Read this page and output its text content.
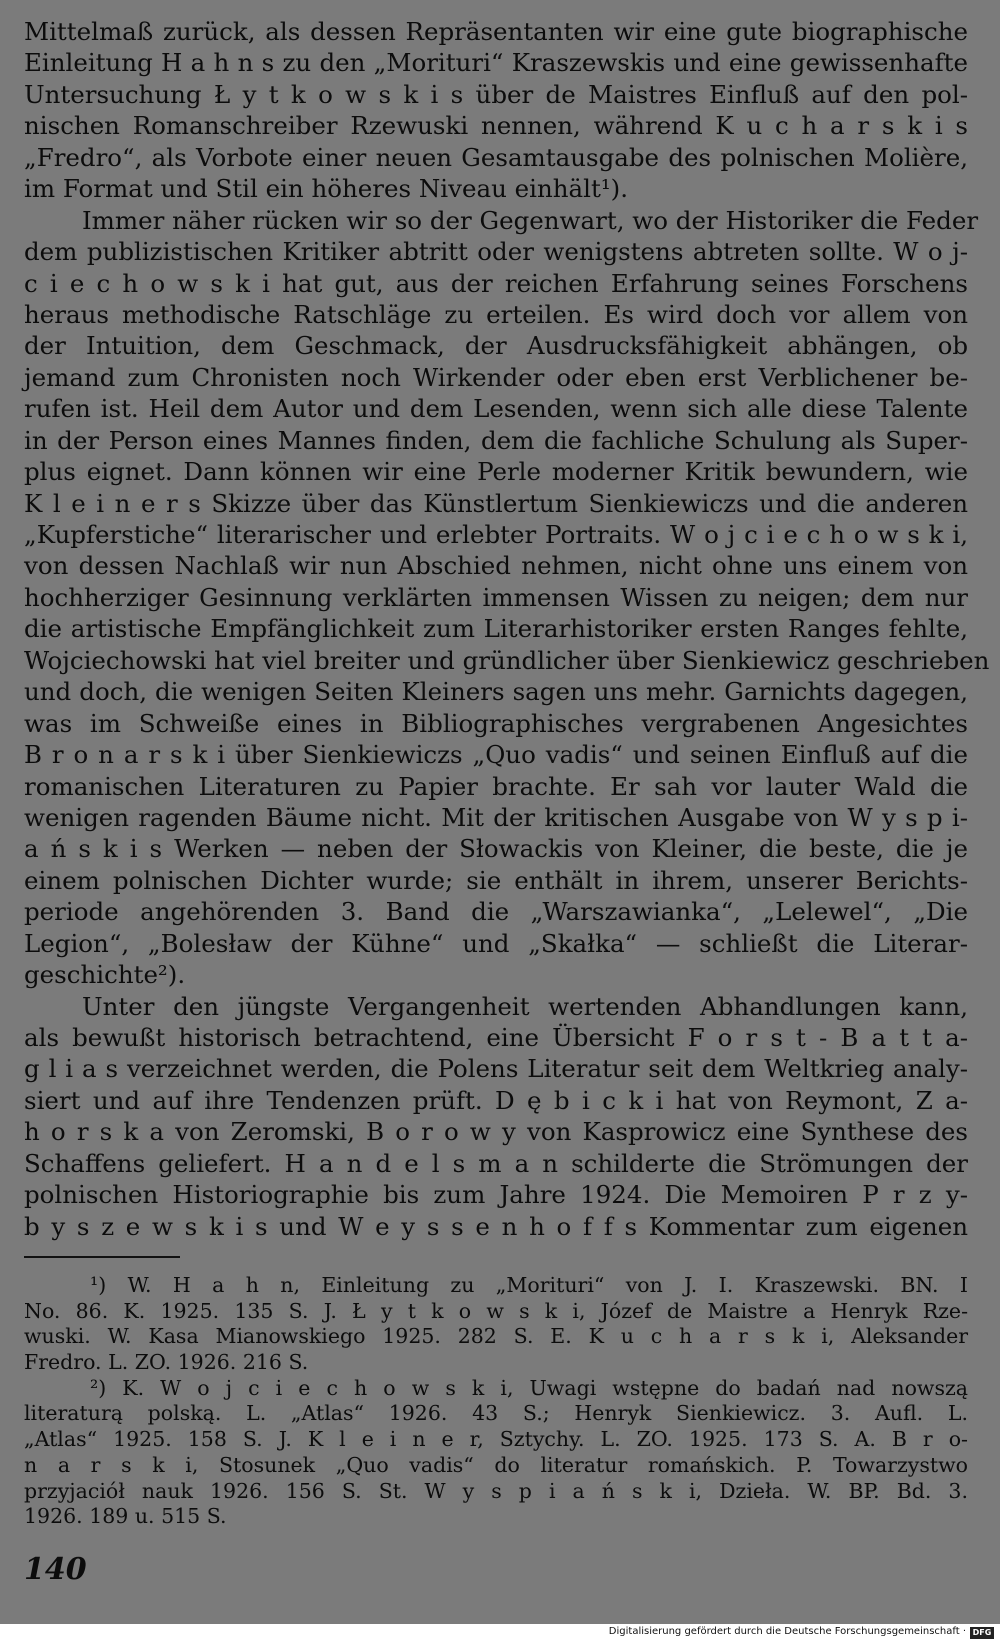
Mittelmaß zurück, als dessen Repräsentanten wir eine gute biographische
Einleitung H a h n s zu den „Morituri“ Kraszewskis und eine gewissenhafte
Untersuchung Ł y t k o w s k i s über de Maistres Einfluß auf den pol-
nischen Romanschreiber Rzewuski nennen, während K u c h a r s k i s
„Fredro“, als Vorbote einer neuen Gesamtausgabe des polnischen Molière,
im Format und Stil ein höheres Niveau einhält¹).
Immer näher rücken wir so der Gegenwart, wo der Historiker die Feder
dem publizistischen Kritiker abtritt oder wenigstens abtreten sollte. W o j-
c i e c h o w s k i hat gut, aus der reichen Erfahrung seines Forschens
heraus methodische Ratschläge zu erteilen. Es wird doch vor allem von
der Intuition, dem Geschmack, der Ausdrucksfähigkeit abhängen, ob
jemand zum Chronisten noch Wirkender oder eben erst Verblichener be-
rufen ist. Heil dem Autor und dem Lesenden, wenn sich alle diese Talente
in der Person eines Mannes finden, dem die fachliche Schulung als Super-
plus eignet. Dann können wir eine Perle moderner Kritik bewundern, wie
K l e i n e r s Skizze über das Künstlertum Sienkiewiczs und die anderen
„Kupferstiche“ literarischer und erlebter Portraits. W o j c i e c h o w s k i,
von dessen Nachlaß wir nun Abschied nehmen, nicht ohne uns einem von
hochherziger Gesinnung verklärten immensen Wissen zu neigen; dem nur
die artistische Empfänglichkeit zum Literarhistoriker ersten Ranges fehlte,
Wojciechowski hat viel breiter und gründlicher über Sienkiewicz geschrieben
und doch, die wenigen Seiten Kleiners sagen uns mehr. Garnichts dagegen,
was im Schweiße eines in Bibliographisches vergrabenen Angesichtes
B r o n a r s k i über Sienkiewiczs „Quo vadis“ und seinen Einfluß auf die
romanischen Literaturen zu Papier brachte. Er sah vor lauter Wald die
wenigen ragenden Bäume nicht. Mit der kritischen Ausgabe von W y s p i-
a ń s k i s Werken — neben der Słowackis von Kleiner, die beste, die je
einem polnischen Dichter wurde; sie enthält in ihrem, unserer Berichts-
periode angehörenden 3. Band die „Warszawianka“, „Lelewel“, „Die
Legion“, „Bolesław der Kühne“ und „Skałka“ — schließt die Literar-
geschichte²).
Unter den jüngste Vergangenheit wertenden Abhandlungen kann,
als bewußt historisch betrachtend, eine Übersicht F o r s t - B a t t a-
g l i a s verzeichnet werden, die Polens Literatur seit dem Weltkrieg analy-
siert und auf ihre Tendenzen prüft. D ę b i c k i hat von Reymont, Z a-
h o r s k a von Zeromski, B o r o w y von Kasprowicz eine Synthese des
Schaffens geliefert. H a n d e l s m a n schilderte die Strömungen der
polnischen Historiographie bis zum Jahre 1924. Die Memoiren P r z y-
b y s z e w s k i s und W e y s s e n h o f f s Kommentar zum eigenen
¹) W. H a h n, Einleitung zu „Morituri“ von J. I. Kraszewski. BN. I
No. 86. K. 1925. 135 S. J. Ł y t k o w s k i, Józef de Maistre a Henryk Rze-
wuski. W. Kasa Mianowskiego 1925. 282 S. E. K u c h a r s k i, Aleksander
Fredro. L. ZO. 1926. 216 S.
²) K. W o j c i e c h o w s k i, Uwagi wstępne do badań nad nowszą
literaturą polską. L. „Atlas“ 1926. 43 S.; Henryk Sienkiewicz. 3. Aufl. L.
„Atlas“ 1925. 158 S. J. K l e i n e r, Sztychy. L. ZO. 1925. 173 S. A. B r o-
n a r s k i, Stosunek „Quo vadis“ do literatur romańskich. P. Towarzystwo
przyjaciół nauk 1926. 156 S. St. W y s p i a ń s k i, Dzieła. W. BP. Bd. 3.
1926. 189 u. 515 S.
140
Digitalisierung gefördert durch die Deutsche Forschungsgemeinschaft · DFG
